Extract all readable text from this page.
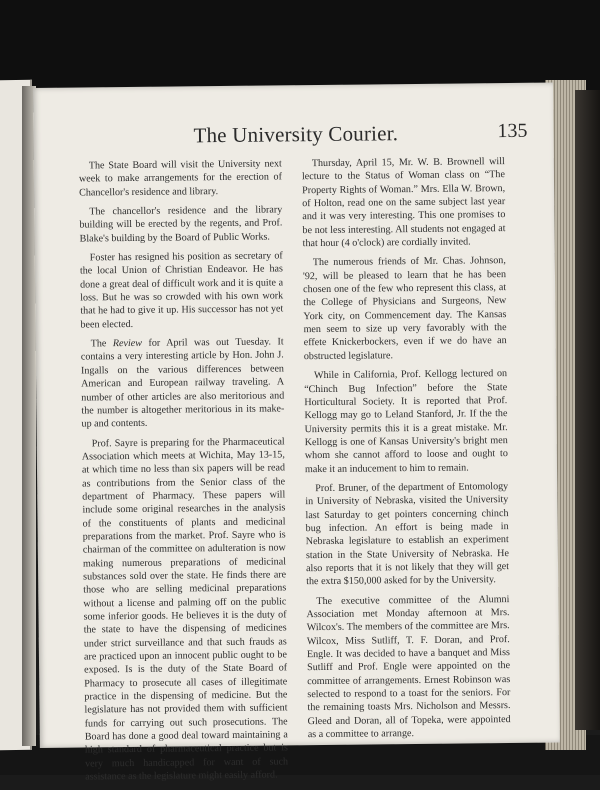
The University Courier.	135

The State Board will visit the University next week to make arrangements for the erection of Chancellor's residence and library.

The chancellor's residence and the library building will be erected by the regents, and Prof. Blake's building by the Board of Public Works.

Foster has resigned his position as secretary of the local Union of Christian Endeavor. He has done a great deal of difficult work and it is quite a loss. But he was so crowded with his own work that he had to give it up. His successor has not yet been elected.

The Review for April was out Tuesday. It contains a very interesting article by Hon. John J. Ingalls on the various differences between American and European railway traveling. A number of other articles are also meritorious and the number is altogether meritorious in its make-up and contents.

Prof. Sayre is preparing for the Pharmaceutical Association which meets at Wichita, May 13-15, at which time no less than six papers will be read as contributions from the Senior class of the department of Pharmacy. These papers will include some original researches in the analysis of the constituents of plants and medicinal preparations from the market. Prof. Sayre who is chairman of the committee on adulteration is now making numerous preparations of medicinal substances sold over the state. He finds there are those who are selling medicinal preparations without a license and palming off on the public some inferior goods. He believes it is the duty of the state to have the dispensing of medicines under strict surveillance and that such frauds as are practiced upon an innocent public ought to be exposed. Is is the duty of the State Board of Pharmacy to prosecute all cases of illegitimate practice in the dispensing of medicine. But the legislature has not provided them with sufficient funds for carrying out such prosecutions. The Board has done a good deal toward maintaining a high standard of pharmaceutical practice but is very much handicapped for want of such assistance as the legislature might easily afford.

Thursday, April 15, Mr. W. B. Brownell will lecture to the Status of Woman class on “The Property Rights of Woman.” Mrs. Ella W. Brown, of Holton, read one on the same subject last year and it was very interesting. This one promises to be not less interesting. All students not engaged at that hour (4 o'clock) are cordially invited.

The numerous friends of Mr. Chas. Johnson, '92, will be pleased to learn that he has been chosen one of the few who represent this class, at the College of Physicians and Surgeons, New York city, on Commencement day. The Kansas men seem to size up very favorably with the effete Knickerbockers, even if we do have an obstructed legislature.

While in California, Prof. Kellogg lectured on “Chinch Bug Infection” before the State Horticultural Society. It is reported that Prof. Kellogg may go to Leland Stanford, Jr. If the the University permits this it is a great mistake. Mr. Kellogg is one of Kansas University's bright men whom she cannot afford to loose and ought to make it an inducement to him to remain.

Prof. Bruner, of the department of Entomology in University of Nebraska, visited the University last Saturday to get pointers concerning chinch bug infection. An effort is being made in Nebraska legislature to establish an experiment station in the State University of Nebraska. He also reports that it is not likely that they will get the extra $150,000 asked for by the University.

The executive committee of the Alumni Association met Monday afternoon at Mrs. Wilcox's. The members of the committee are Mrs. Wilcox, Miss Sutliff, T. F. Doran, and Prof. Engle. It was decided to have a banquet and Miss Sutliff and Prof. Engle were appointed on the committee of arrangements. Ernest Robinson was selected to respond to a toast for the seniors. For the remaining toasts Mrs. Nicholson and Messrs. Gleed and Doran, all of Topeka, were appointed as a committee to arrange.
